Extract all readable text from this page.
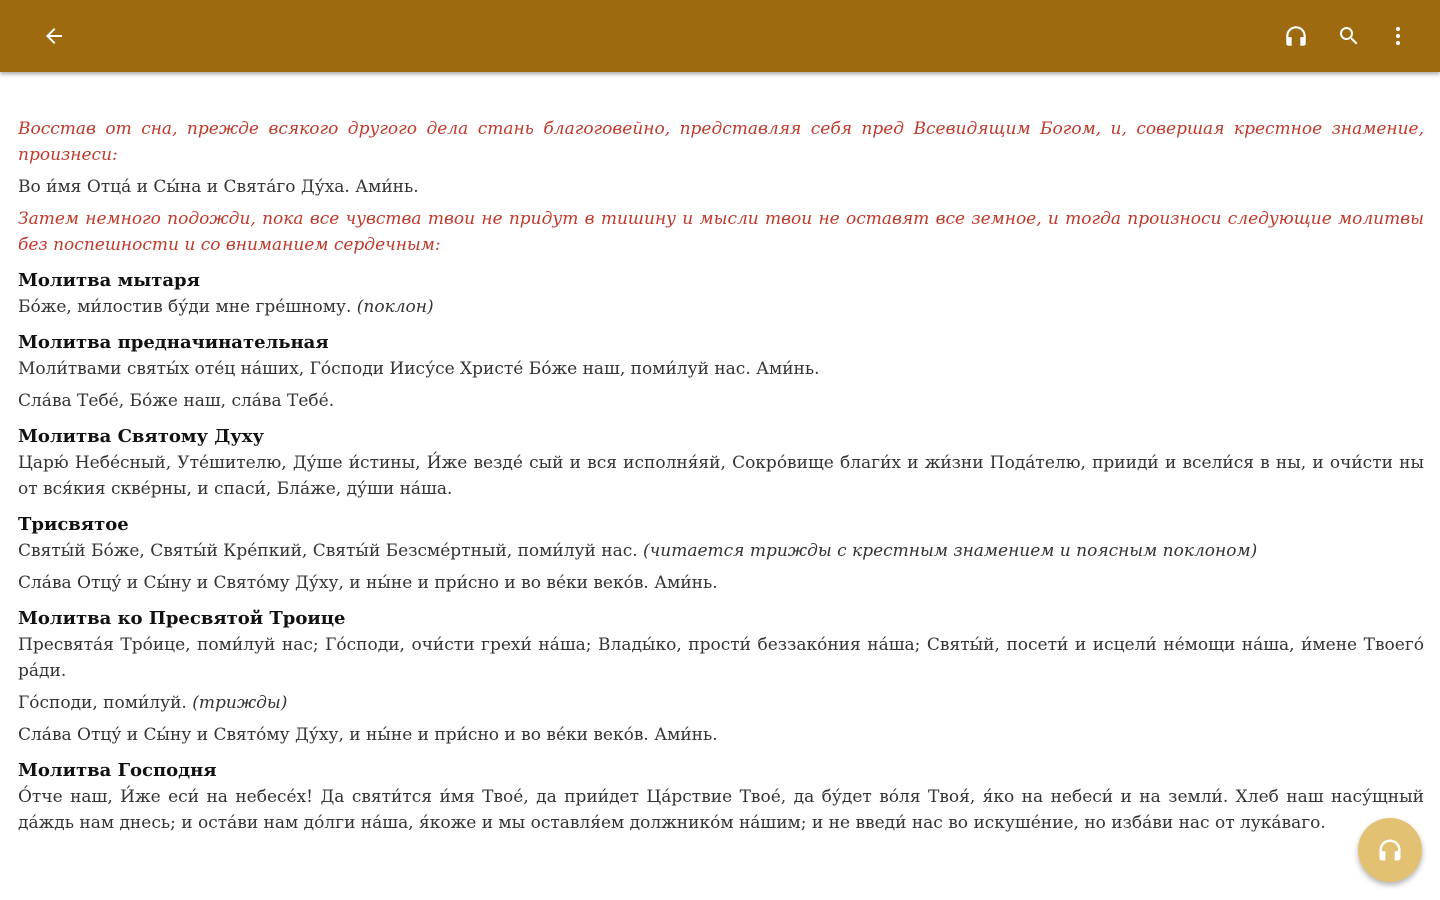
Восстав от сна, прежде всякого другого дела стань благоговейно, представляя себя пред Всевидящим Богом, и, совершая крестное знамение, произнеси:

Во и́мя Отца́ и Сы́на и Свята́го Ду́ха. Ами́нь.

Затем немного подожди, пока все чувства твои не придут в тишину и мысли твои не оставят все земное, и тогда произноси следующие молитвы без поспешности и со вниманием сердечным:

Молитва мытаря

Бо́же, ми́лостив бу́ди мне гре́шному. (поклон)

Молитва предначинательная

Моли́твами святы́х оте́ц на́ших, Го́споди Иису́се Христе́ Бо́же наш, поми́луй нас. Ами́нь.

Сла́ва Тебе́, Бо́же наш, сла́ва Тебе́.

Молитва Святому Духу

Царю́ Небе́сный, Уте́шителю, Ду́ше и́стины, И́же везде́ сый и вся исполня́яй, Сокро́вище благи́х и жи́зни Пода́телю, прииди́ и всели́ся в ны, и очи́сти ны от вся́кия скве́рны, и спаси́, Бла́же, ду́ши на́ша.

Трисвятое

Святы́й Бо́же, Святы́й Кре́пкий, Святы́й Безсме́ртный, поми́луй нас. (читается трижды с крестным знамением и поясным поклоном)

Сла́ва Отцу́ и Сы́ну и Свято́му Ду́ху, и ны́не и при́сно и во ве́ки веко́в. Ами́нь.

Молитва ко Пресвятой Троице

Пресвята́я Тро́ице, поми́луй нас; Го́споди, очи́сти грехи́ на́ша; Влады́ко, прости́ беззако́ния на́ша; Святы́й, посети́ и исцели́ не́мощи на́ша, и́мене Твоего́ ра́ди.

Го́споди, поми́луй. (трижды)

Сла́ва Отцу́ и Сы́ну и Свято́му Ду́ху, и ны́не и при́сно и во ве́ки веко́в. Ами́нь.

Молитва Господня

О́тче наш, И́же еси́ на небесе́х! Да святи́тся и́мя Твое́, да прии́дет Ца́рствие Твое́, да бу́дет во́ля Твоя́, я́ко на небеси́ и на земли́. Хлеб наш насу́щный да́ждь нам днесь; и оста́ви нам до́лги на́ша, я́коже и мы оставля́ем должнико́м на́шим; и не введи́ нас во искуше́ние, но изба́ви нас от лука́ваго.
